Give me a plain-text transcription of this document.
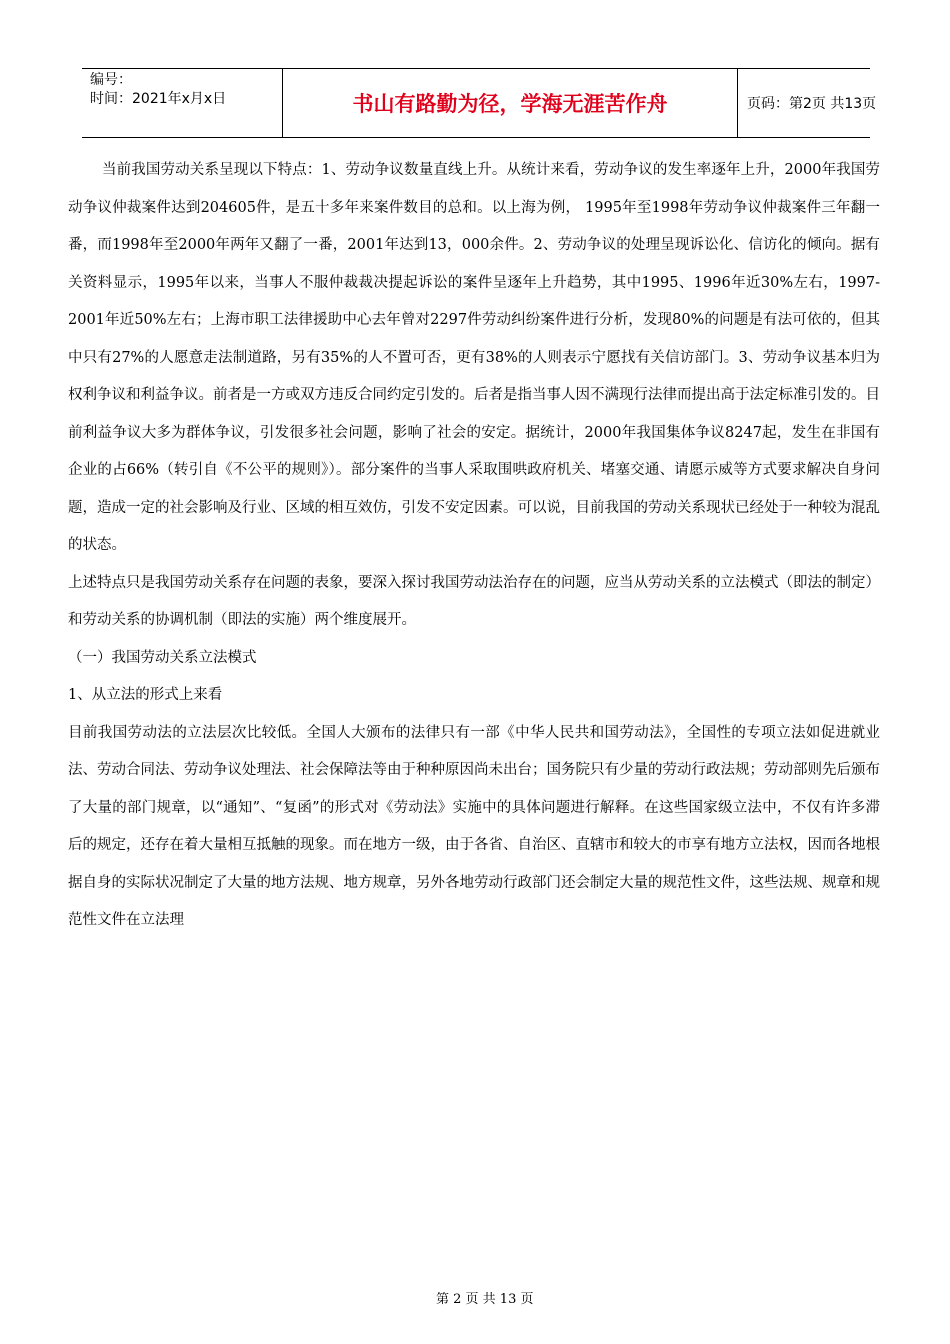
编号：
时间：2021年x月x日	书山有路勤为径，学海无涯苦作舟	页码：第2页 共13页

当前我国劳动关系呈现以下特点：1、劳动争议数量直线上升。从统计来看，劳动争议的发生率逐年上升，2000年我国劳动争议仲裁案件达到204605件，是五十多年来案件数目的总和。以上海为例， 1995年至1998年劳动争议仲裁案件三年翻一番，而1998年至2000年两年又翻了一番，2001年达到13，000余件。2、劳动争议的处理呈现诉讼化、信访化的倾向。据有关资料显示，1995年以来，当事人不服仲裁裁决提起诉讼的案件呈逐年上升趋势，其中1995、1996年近30%左右，1997-2001年近50%左右；上海市职工法律援助中心去年曾对2297件劳动纠纷案件进行分析，发现80%的问题是有法可依的，但其中只有27%的人愿意走法制道路，另有35%的人不置可否，更有38%的人则表示宁愿找有关信访部门。3、劳动争议基本归为权利争议和利益争议。前者是一方或双方违反合同约定引发的。后者是指当事人因不满现行法律而提出高于法定标准引发的。目前利益争议大多为群体争议，引发很多社会问题，影响了社会的安定。据统计，2000年我国集体争议8247起，发生在非国有企业的占66%（转引自《不公平的规则》）。部分案件的当事人采取围哄政府机关、堵塞交通、请愿示威等方式要求解决自身问题，造成一定的社会影响及行业、区域的相互效仿，引发不安定因素。可以说，目前我国的劳动关系现状已经处于一种较为混乱的状态。

上述特点只是我国劳动关系存在问题的表象，要深入探讨我国劳动法治存在的问题，应当从劳动关系的立法模式（即法的制定）和劳动关系的协调机制（即法的实施）两个维度展开。

（一）我国劳动关系立法模式

1、从立法的形式上来看

目前我国劳动法的立法层次比较低。全国人大颁布的法律只有一部《中华人民共和国劳动法》，全国性的专项立法如促进就业法、劳动合同法、劳动争议处理法、社会保障法等由于种种原因尚未出台；国务院只有少量的劳动行政法规；劳动部则先后颁布了大量的部门规章，以“通知”、“复函”的形式对《劳动法》实施中的具体问题进行解释。在这些国家级立法中，不仅有许多滞后的规定，还存在着大量相互抵触的现象。而在地方一级，由于各省、自治区、直辖市和较大的市享有地方立法权，因而各地根据自身的实际状况制定了大量的地方法规、地方规章，另外各地劳动行政部门还会制定大量的规范性文件，这些法规、规章和规范性文件在立法理

第 2 页 共 13 页
